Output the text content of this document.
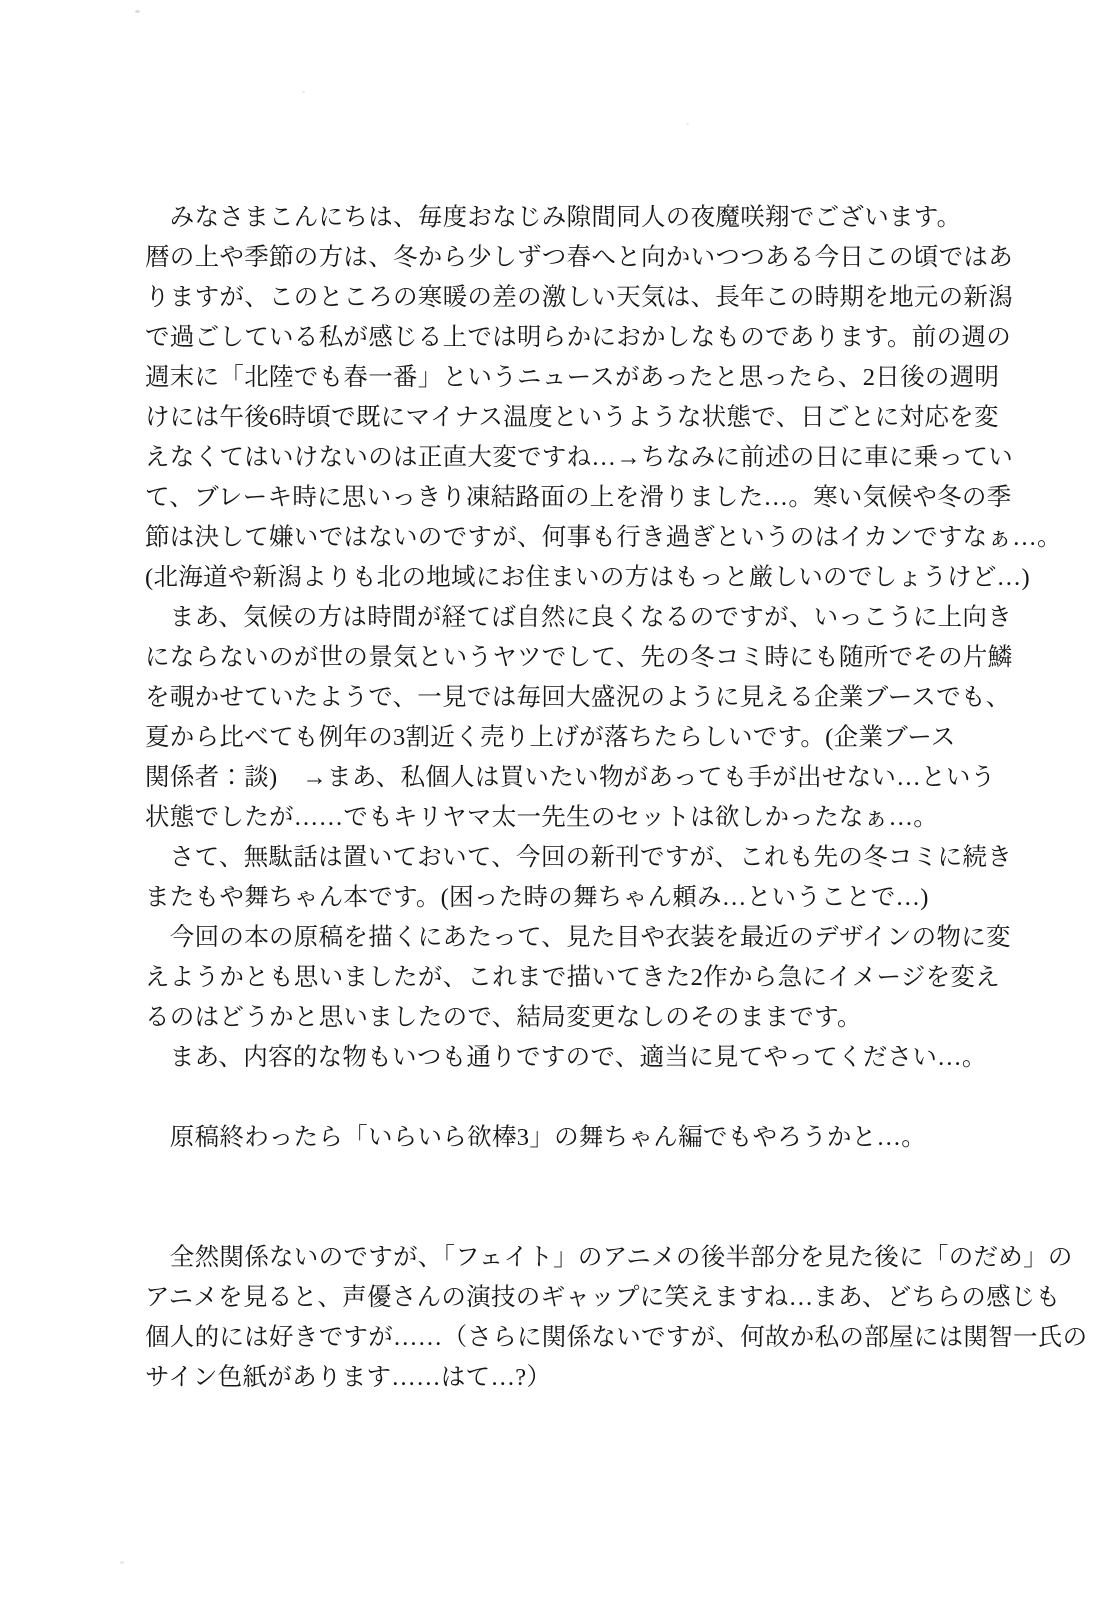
　みなさまこんにちは、毎度おなじみ隙間同人の夜魔咲翔でございます。
暦の上や季節の方は、冬から少しずつ春へと向かいつつある今日この頃ではあ
りますが、このところの寒暖の差の激しい天気は、長年この時期を地元の新潟
で過ごしている私が感じる上では明らかにおかしなものであります。前の週の
週末に「北陸でも春一番」というニュースがあったと思ったら、2日後の週明
けには午後6時頃で既にマイナス温度というような状態で、日ごとに対応を変
えなくてはいけないのは正直大変ですね…→ちなみに前述の日に車に乗ってい
て、ブレーキ時に思いっきり凍結路面の上を滑りました…。寒い気候や冬の季
節は決して嫌いではないのですが、何事も行き過ぎというのはイカンですなぁ…。
(北海道や新潟よりも北の地域にお住まいの方はもっと厳しいのでしょうけど…)
　まあ、気候の方は時間が経てば自然に良くなるのですが、いっこうに上向き
にならないのが世の景気というヤツでして、先の冬コミ時にも随所でその片鱗
を覗かせていたようで、一見では毎回大盛況のように見える企業ブースでも、
夏から比べても例年の3割近く売り上げが落ちたらしいです。(企業ブース
関係者：談)　→まあ、私個人は買いたい物があっても手が出せない…という
状態でしたが……でもキリヤマ太一先生のセットは欲しかったなぁ…。
　さて、無駄話は置いておいて、今回の新刊ですが、これも先の冬コミに続き
またもや舞ちゃん本です。(困った時の舞ちゃん頼み…ということで…)
　今回の本の原稿を描くにあたって、見た目や衣装を最近のデザインの物に変
えようかとも思いましたが、これまで描いてきた2作から急にイメージを変え
るのはどうかと思いましたので、結局変更なしのそのままです。
　まあ、内容的な物もいつも通りですので、適当に見てやってください…。
　原稿終わったら「いらいら欲棒3」の舞ちゃん編でもやろうかと…。
　全然関係ないのですが、「フェイト」のアニメの後半部分を見た後に「のだめ」の
アニメを見ると、声優さんの演技のギャップに笑えますね…まあ、どちらの感じも
個人的には好きですが……（さらに関係ないですが、何故か私の部屋には関智一氏の
サイン色紙があります……はて…?）
